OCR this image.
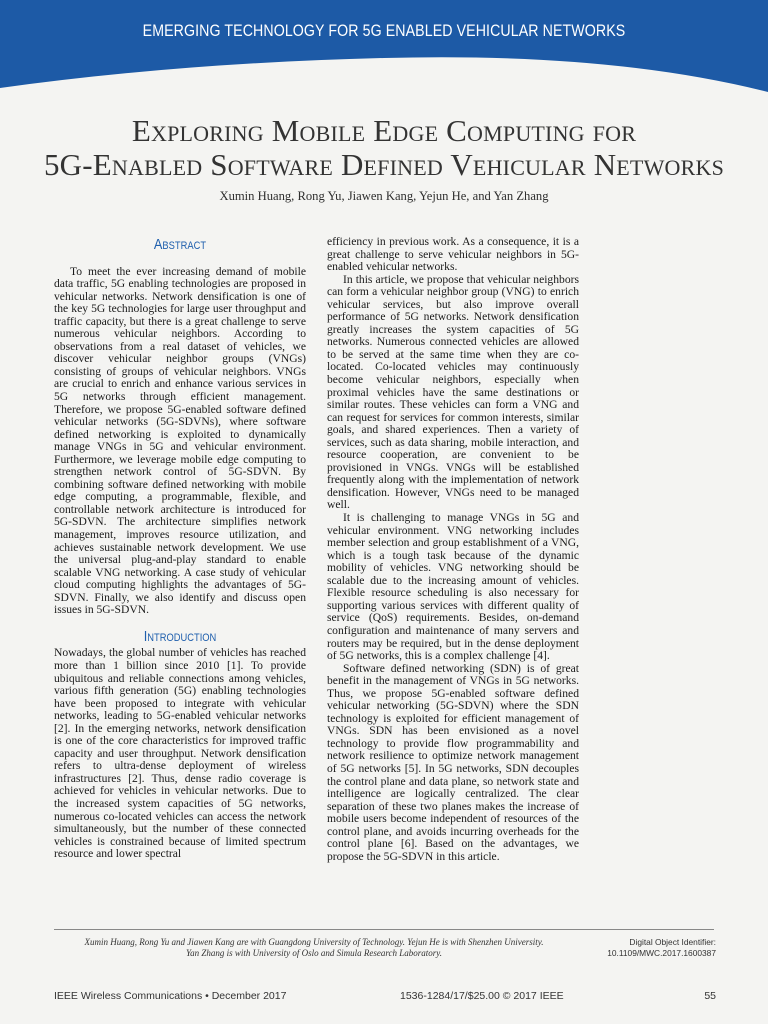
EMERGING TECHNOLOGY FOR 5G ENABLED VEHICULAR NETWORKS
Exploring Mobile Edge Computing for
5G-Enabled Software Defined Vehicular Networks
Xumin Huang, Rong Yu, Jiawen Kang, Yejun He, and Yan Zhang
Abstract

To meet the ever increasing demand of mobile data traffic, 5G enabling technologies are proposed in vehicular networks. Network densification is one of the key 5G technologies for large user throughput and traffic capacity, but there is a great challenge to serve numerous vehicular neighbors. According to observations from a real dataset of vehicles, we discover vehicular neighbor groups (VNGs) consisting of groups of vehicular neighbors. VNGs are crucial to enrich and enhance various services in 5G networks through efficient management. Therefore, we propose 5G-enabled software defined vehicular networks (5G-SDVNs), where software defined networking is exploited to dynamically manage VNGs in 5G and vehicular environment. Furthermore, we leverage mobile edge computing to strengthen network control of 5G-SDVN. By combining software defined networking with mobile edge computing, a programmable, flexible, and controllable network architecture is introduced for 5G-SDVN. The architecture simplifies network management, improves resource utilization, and achieves sustainable network development. We use the universal plug-and-play standard to enable scalable VNG networking. A case study of vehicular cloud computing highlights the advantages of 5G-SDVN. Finally, we also identify and discuss open issues in 5G-SDVN.

Introduction

Nowadays, the global number of vehicles has reached more than 1 billion since 2010 [1]. To provide ubiquitous and reliable connections among vehicles, various fifth generation (5G) enabling technologies have been proposed to integrate with vehicular networks, leading to 5G-enabled vehicular networks [2]. In the emerging networks, network densification is one of the core characteristics for improved traffic capacity and user throughput. Network densification refers to ultra-dense deployment of wireless infrastructures [2]. Thus, dense radio coverage is achieved for vehicles in vehicular networks. Due to the increased system capacities of 5G networks, numerous co-located vehicles can access the network simultaneously, but the number of these connected vehicles is constrained because of limited spectrum resource and lower spectral

efficiency in previous work. As a consequence, it is a great challenge to serve vehicular neighbors in 5G-enabled vehicular networks.

In this article, we propose that vehicular neighbors can form a vehicular neighbor group (VNG) to enrich vehicular services, but also improve overall performance of 5G networks. Network densification greatly increases the system capacities of 5G networks. Numerous connected vehicles are allowed to be served at the same time when they are co-located. Co-located vehicles may continuously become vehicular neighbors, especially when proximal vehicles have the same destinations or similar routes. These vehicles can form a VNG and can request for services for common interests, similar goals, and shared experiences. Then a variety of services, such as data sharing, mobile interaction, and resource cooperation, are convenient to be provisioned in VNGs. VNGs will be established frequently along with the implementation of network densification. However, VNGs need to be managed well.

It is challenging to manage VNGs in 5G and vehicular environment. VNG networking includes member selection and group establishment of a VNG, which is a tough task because of the dynamic mobility of vehicles. VNG networking should be scalable due to the increasing amount of vehicles. Flexible resource scheduling is also necessary for supporting various services with different quality of service (QoS) requirements. Besides, on-demand configuration and maintenance of many servers and routers may be required, but in the dense deployment of 5G networks, this is a complex challenge [4].

Software defined networking (SDN) is of great benefit in the management of VNGs in 5G networks. Thus, we propose 5G-enabled software defined vehicular networking (5G-SDVN) where the SDN technology is exploited for efficient management of VNGs. SDN has been envisioned as a novel technology to provide flow programmability and network resilience to optimize network management of 5G networks [5]. In 5G networks, SDN decouples the control plane and data plane, so network state and intelligence are logically centralized. The clear separation of these two planes makes the increase of mobile users become independent of resources of the control plane, and avoids incurring overheads for the control plane [6]. Based on the advantages, we propose the 5G-SDVN in this article.

Xumin Huang, Rong Yu and Jiawen Kang are with Guangdong University of Technology. Yejun He is with Shenzhen University.
Yan Zhang is with University of Oslo and Simula Research Laboratory.
Digital Object Identifier:
10.1109/MWC.2017.1600387
IEEE Wireless Communications • December 2017	1536-1284/17/$25.00 © 2017 IEEE	55
